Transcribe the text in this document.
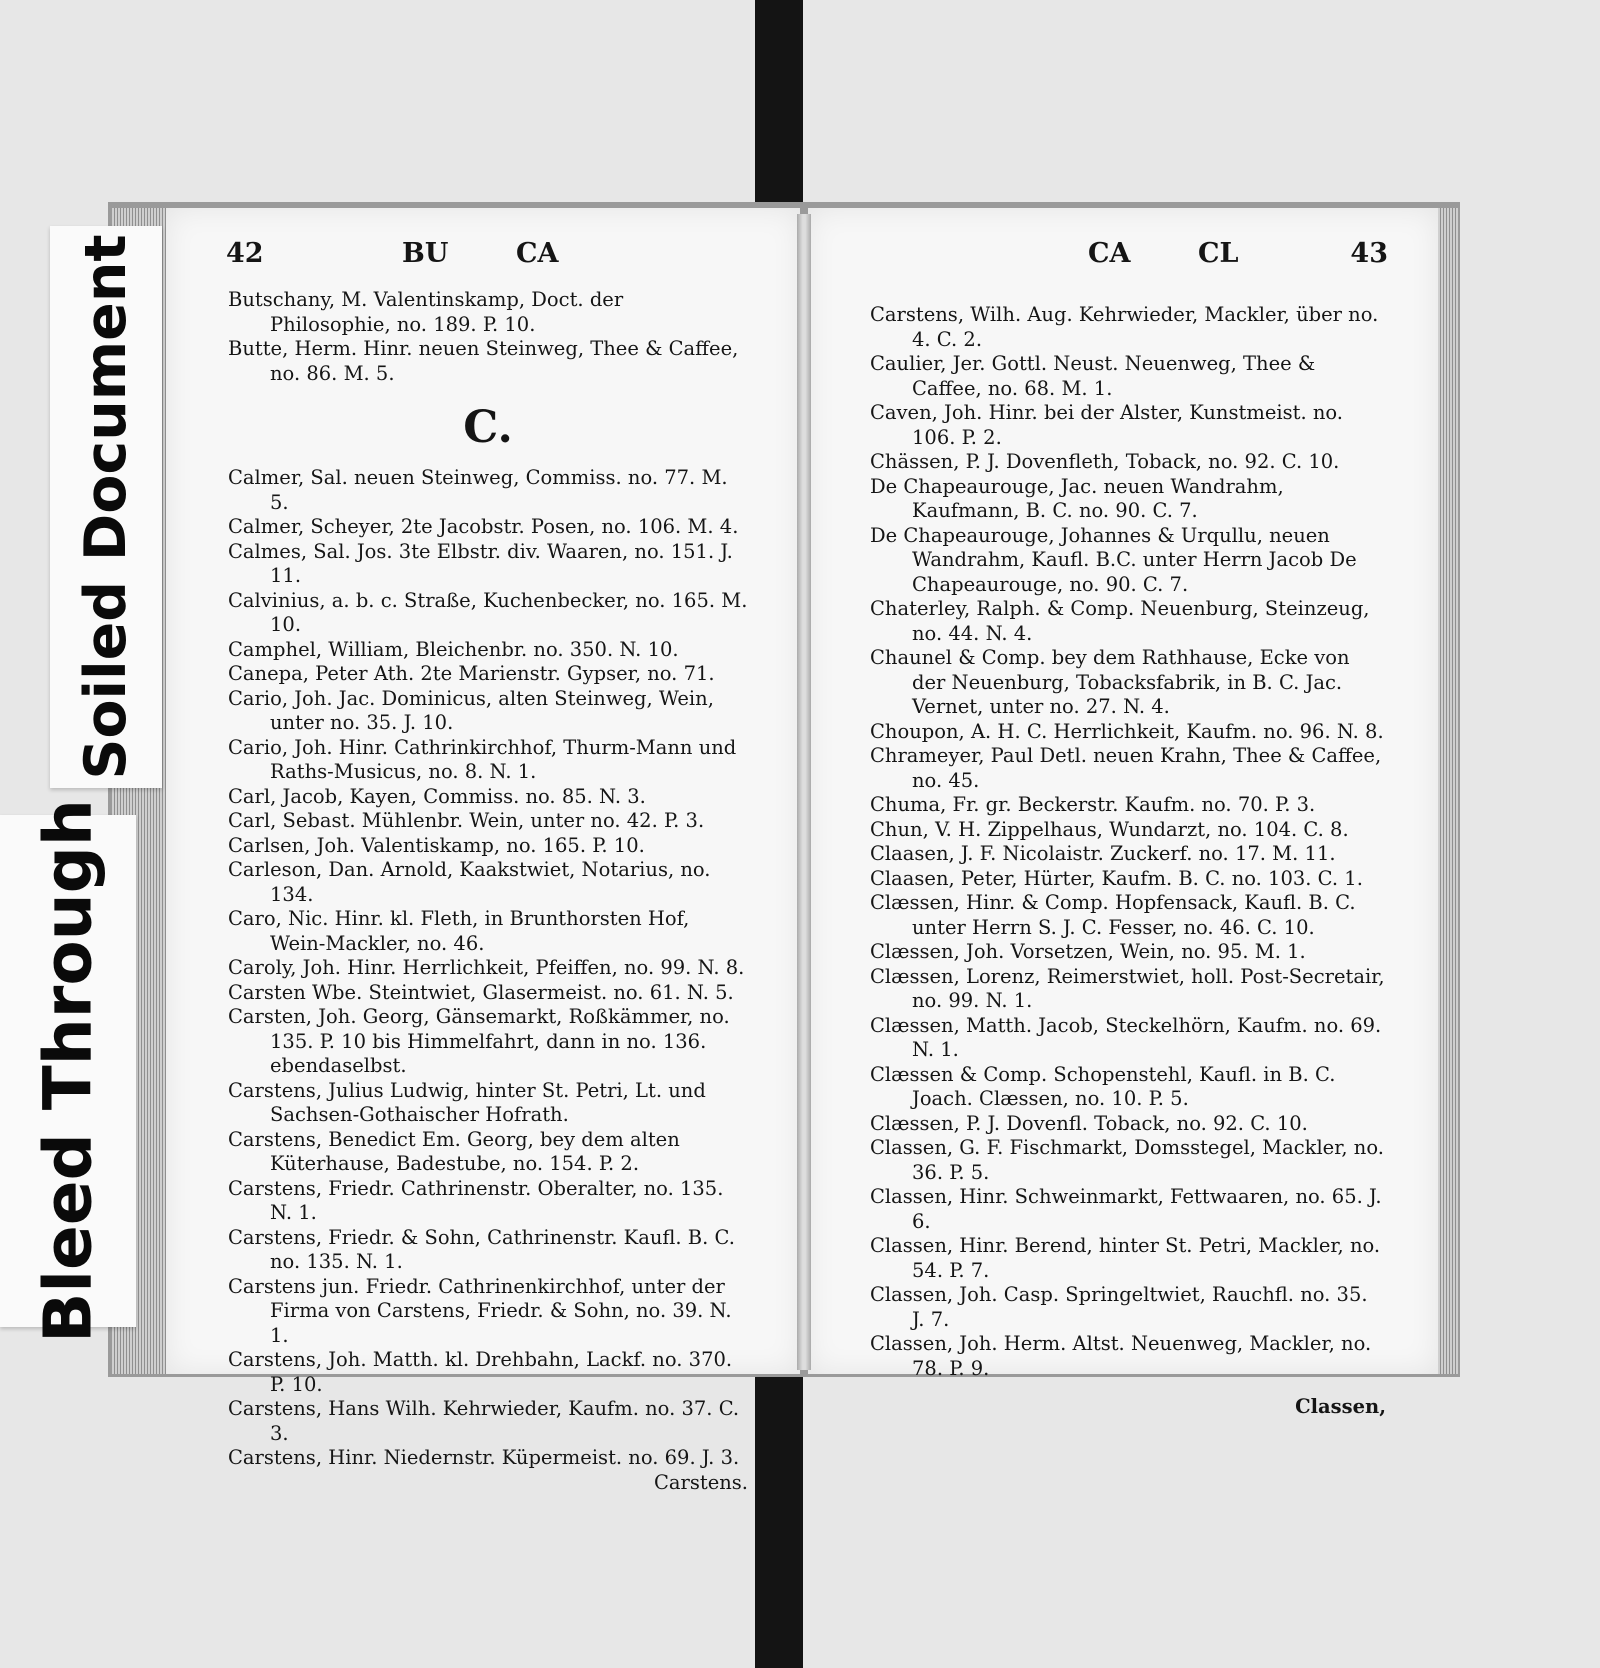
42	BU	CA
Butschany, M. Valentinskamp, Doct. der Philosophie, no. 189. P. 10.
Butte, Herm. Hinr. neuen Steinweg, Thee & Caffee, no. 86. M. 5.
C.
Calmer, Sal. neuen Steinweg, Commiss. no. 77. M. 5.
Calmer, Scheyer, 2te Jacobstr. Posen, no. 106. M. 4.
Calmes, Sal. Jos. 3te Elbstr. div. Waaren, no. 151. J. 11.
Calvinius, a. b. c. Straße, Kuchenbecker, no. 165. M. 10.
Camphel, William, Bleichenbr. no. 350. N. 10.
Canepa, Peter Ath. 2te Marienstr. Gypser, no. 71.
Cario, Joh. Jac. Dominicus, alten Steinweg, Wein, unter no. 35. J. 10.
Cario, Joh. Hinr. Cathrinkirchhof, Thurm-Mann und Raths-Musicus, no. 8. N. 1.
Carl, Jacob, Kayen, Commiss. no. 85. N. 3.
Carl, Sebast. Mühlenbr. Wein, unter no. 42. P. 3.
Carlsen, Joh. Valentiskamp, no. 165. P. 10.
Carleson, Dan. Arnold, Kaakstwiet, Notarius, no. 134.
Caro, Nic. Hinr. kl. Fleth, in Brunthorsten Hof, Wein-Mackler, no. 46.
Caroly, Joh. Hinr. Herrlichkeit, Pfeiffen, no. 99. N. 8.
Carsten Wbe. Steintwiet, Glasermeist. no. 61. N. 5.
Carsten, Joh. Georg, Gänsemarkt, Roßkämmer, no. 135. P. 10 bis Himmelfahrt, dann in no. 136. ebendaselbst.
Carstens, Julius Ludwig, hinter St. Petri, Lt. und Sachsen-Gothaischer Hofrath.
Carstens, Benedict Em. Georg, bey dem alten Küterhause, Badestube, no. 154. P. 2.
Carstens, Friedr. Cathrinenstr. Oberalter, no. 135. N. 1.
Carstens, Friedr. & Sohn, Cathrinenstr. Kaufl. B. C. no. 135. N. 1.
Carstens jun. Friedr. Cathrinenkirchhof, unter der Firma von Carstens, Friedr. & Sohn, no. 39. N. 1.
Carstens, Joh. Matth. kl. Drehbahn, Lackf. no. 370. P. 10.
Carstens, Hans Wilh. Kehrwieder, Kaufm. no. 37. C. 3.
Carstens, Hinr. Niedernstr. Küpermeist. no. 69. J. 3.
Carstens.
CA	CL	43
Carstens, Wilh. Aug. Kehrwieder, Mackler, über no. 4. C. 2.
Caulier, Jer. Gottl. Neust. Neuenweg, Thee & Caffee, no. 68. M. 1.
Caven, Joh. Hinr. bei der Alster, Kunstmeist. no. 106. P. 2.
Chässen, P. J. Dovenfleth, Toback, no. 92. C. 10.
De Chapeaurouge, Jac. neuen Wandrahm, Kaufmann, B. C. no. 90. C. 7.
De Chapeaurouge, Johannes & Urqullu, neuen Wandrahm, Kaufl. B.C. unter Herrn Jacob De Chapeaurouge, no. 90. C. 7.
Chaterley, Ralph. & Comp. Neuenburg, Steinzeug, no. 44. N. 4.
Chaunel & Comp. bey dem Rathhause, Ecke von der Neuenburg, Tobacksfabrik, in B. C. Jac. Vernet, unter no. 27. N. 4.
Choupon, A. H. C. Herrlichkeit, Kaufm. no. 96. N. 8.
Chrameyer, Paul Detl. neuen Krahn, Thee & Caffee, no. 45.
Chuma, Fr. gr. Beckerstr. Kaufm. no. 70. P. 3.
Chun, V. H. Zippelhaus, Wundarzt, no. 104. C. 8.
Claasen, J. F. Nicolaistr. Zuckerf. no. 17. M. 11.
Claasen, Peter, Hürter, Kaufm. B. C. no. 103. C. 1.
Clæssen, Hinr. & Comp. Hopfensack, Kaufl. B. C. unter Herrn S. J. C. Fesser, no. 46. C. 10.
Clæssen, Joh. Vorsetzen, Wein, no. 95. M. 1.
Clæssen, Lorenz, Reimerstwiet, holl. Post-Secretair, no. 99. N. 1.
Clæssen, Matth. Jacob, Steckelhörn, Kaufm. no. 69. N. 1.
Clæssen & Comp. Schopenstehl, Kaufl. in B. C. Joach. Clæssen, no. 10. P. 5.
Clæssen, P. J. Dovenfl. Toback, no. 92. C. 10.
Classen, G. F. Fischmarkt, Domsstegel, Mackler, no. 36. P. 5.
Classen, Hinr. Schweinmarkt, Fettwaaren, no. 65. J. 6.
Classen, Hinr. Berend, hinter St. Petri, Mackler, no. 54. P. 7.
Classen, Joh. Casp. Springeltwiet, Rauchfl. no. 35. J. 7.
Classen, Joh. Herm. Altst. Neuenweg, Mackler, no. 78. P. 9.
Classen,
Soiled Document
Bleed Through
